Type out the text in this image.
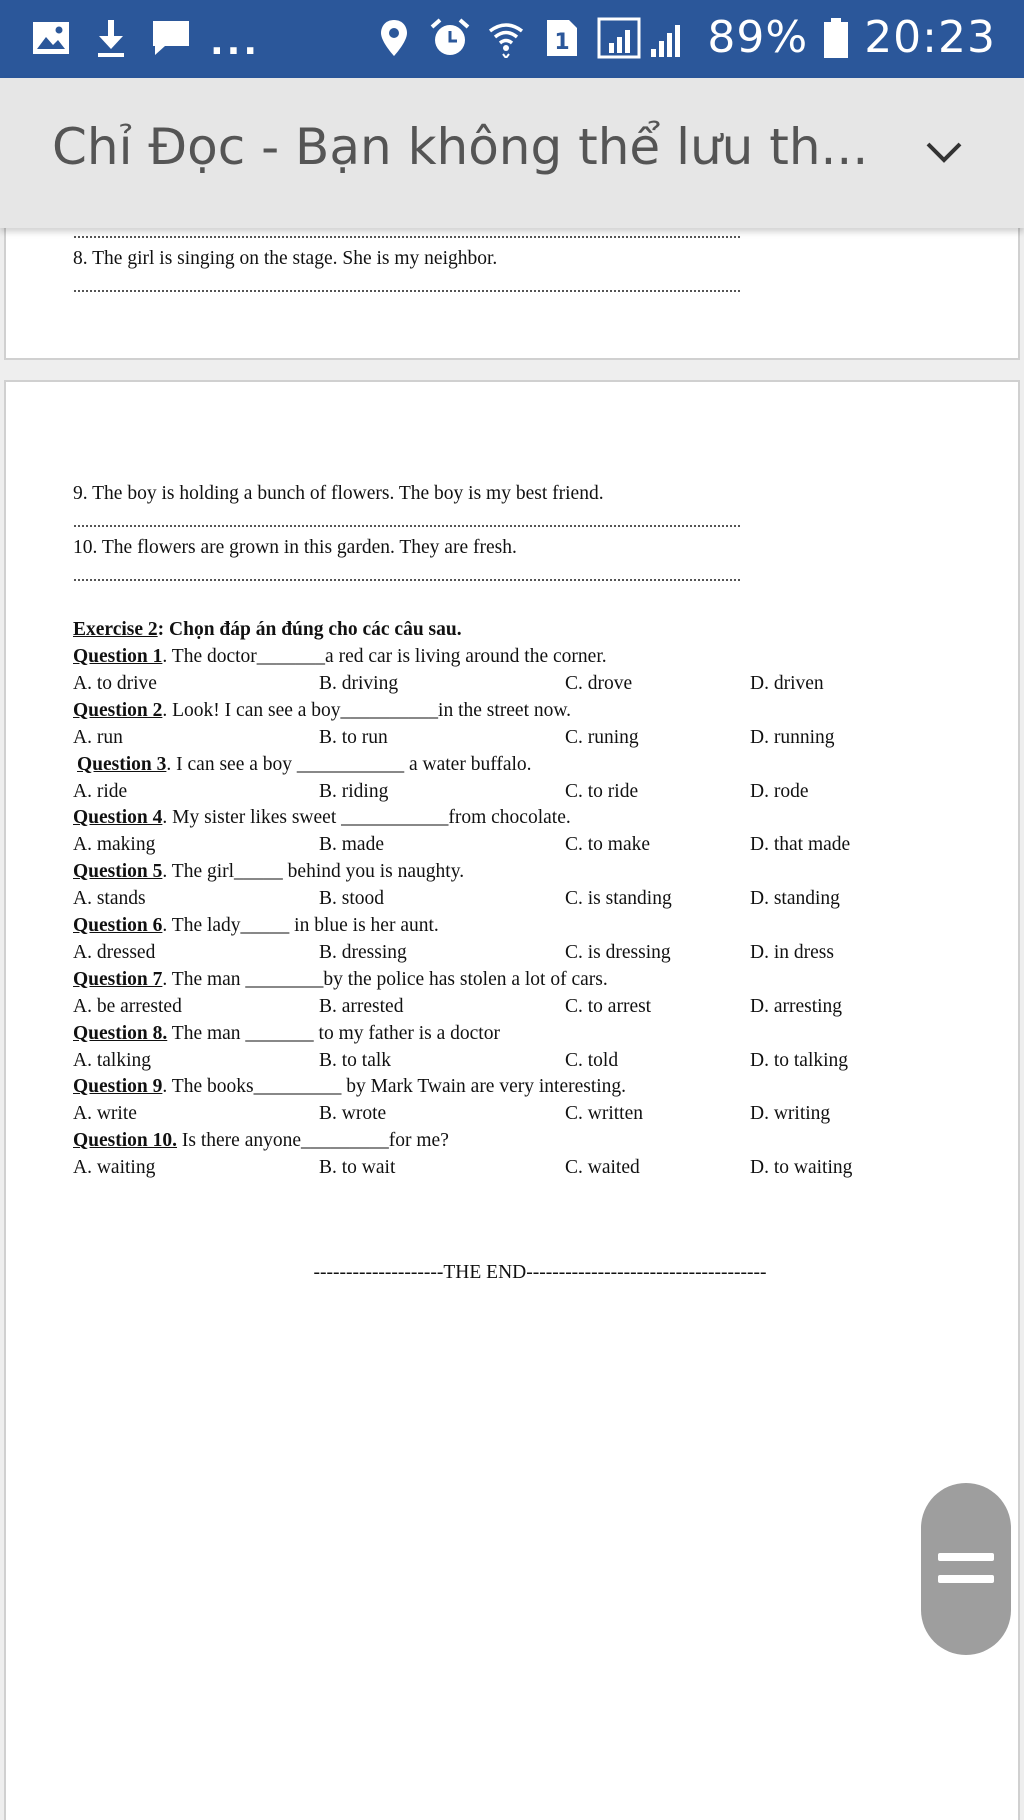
...	1	89% 20:23
Chỉ Đọc - Bạn không thể lưu th...
8. The girl is singing on the stage. She is my neighbor.
9. The boy is holding a bunch of flowers. The boy is my best friend.
10. The flowers are grown in this garden. They are fresh.
Exercise 2: Chọn đáp án đúng cho các câu sau.
Question 1. The doctor_______a red car is living around the corner.
A. to drive	B. driving	C. drove	D. driven
Question 2. Look! I can see a boy__________in the street now.
A. run	B. to run	C. runing	D. running
Question 3. I can see a boy ___________ a water buffalo.
A. ride	B. riding	C. to ride	D. rode
Question 4. My sister likes sweet ___________from chocolate.
A. making	B. made	C. to make	D. that made
Question 5. The girl_____ behind you is naughty.
A. stands	B. stood	C. is standing	D. standing
Question 6. The lady_____ in blue is her aunt.
A. dressed	B. dressing	C. is dressing	D. in dress
Question 7. The man ________by the police has stolen a lot of cars.
A. be arrested	B. arrested	C. to arrest	D. arresting
Question 8. The man _______ to my father is a doctor
A. talking	B. to talk	C. told	D. to talking
Question 9. The books_________ by Mark Twain are very interesting.
A. write	B. wrote	C. written	D. writing
Question 10. Is there anyone_________for me?
A. waiting	B. to wait	C. waited	D. to waiting
--------------------THE END-------------------------------------
